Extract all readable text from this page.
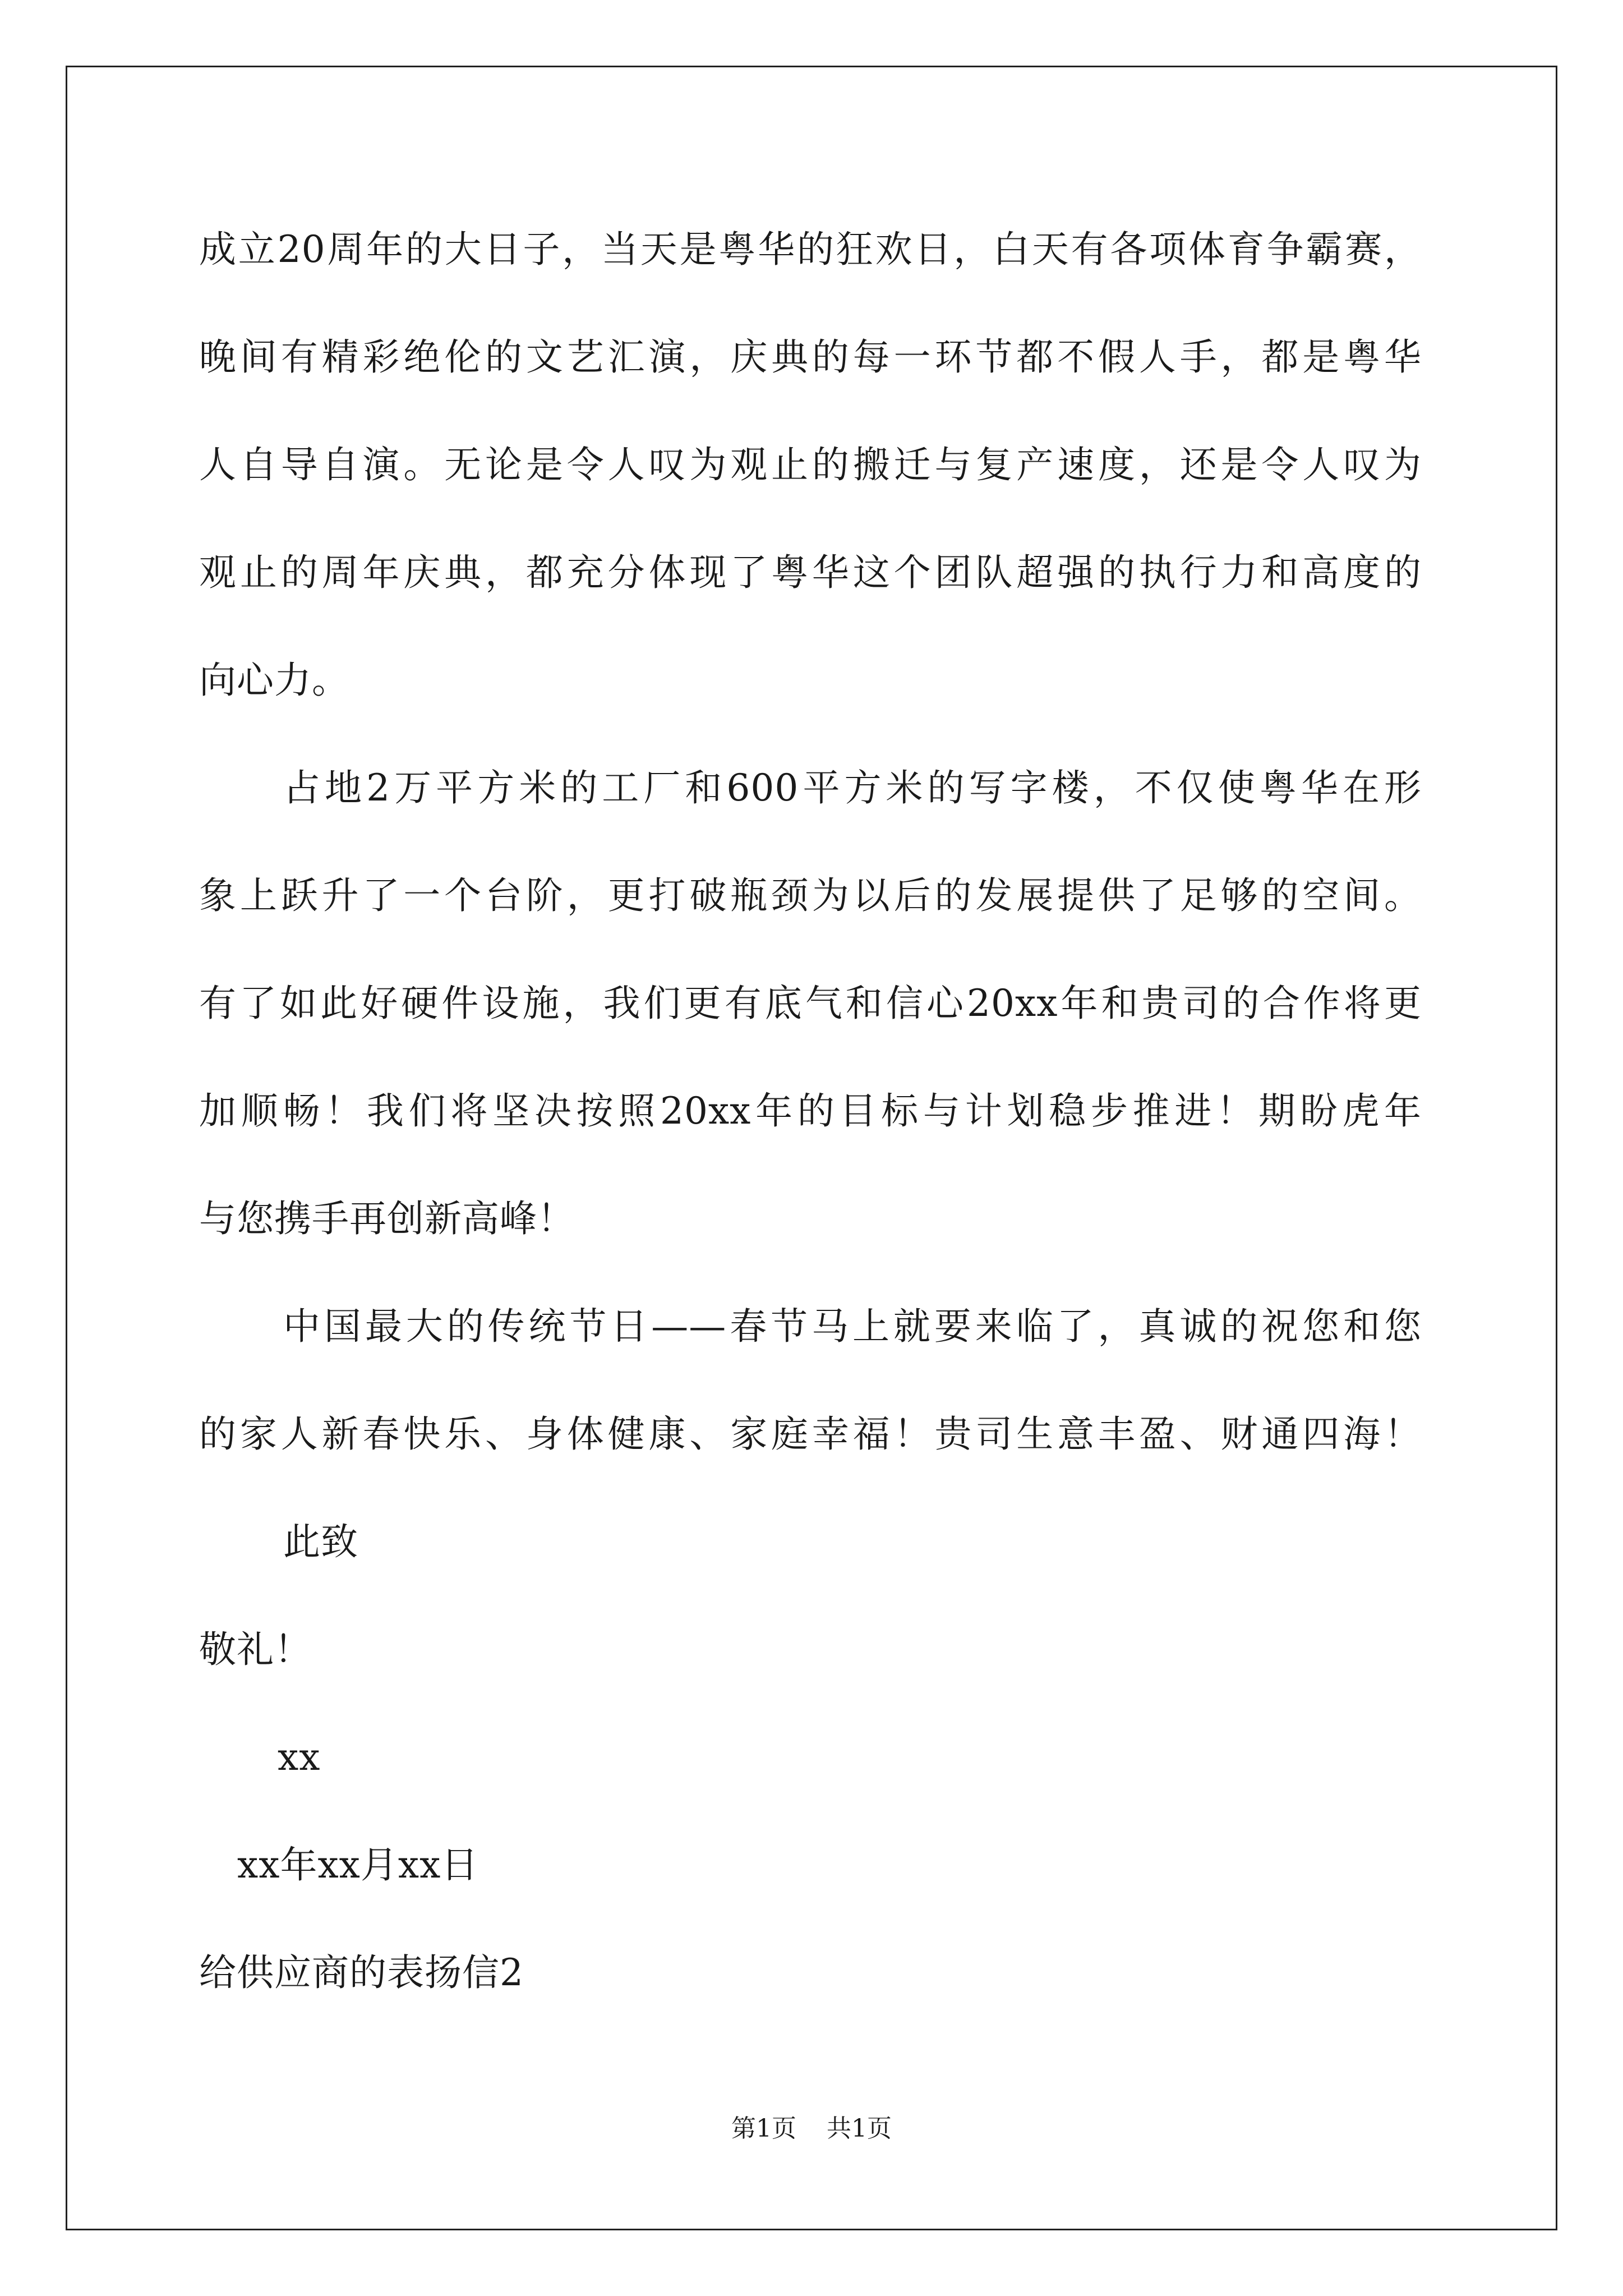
成立20周年的大日子，当天是粤华的狂欢日，白天有各项体育争霸赛，
晚间有精彩绝伦的文艺汇演，庆典的每一环节都不假人手，都是粤华
人自导自演。无论是令人叹为观止的搬迁与复产速度，还是令人叹为
观止的周年庆典，都充分体现了粤华这个团队超强的执行力和高度的
向心力。
占地2万平方米的工厂和600平方米的写字楼，不仅使粤华在形
象上跃升了一个台阶，更打破瓶颈为以后的发展提供了足够的空间。
有了如此好硬件设施，我们更有底气和信心20xx年和贵司的合作将更
加顺畅！我们将坚决按照20xx年的目标与计划稳步推进！期盼虎年
与您携手再创新高峰！
中国最大的传统节日——春节马上就要来临了，真诚的祝您和您
的家人新春快乐、身体健康、家庭幸福！贵司生意丰盈、财通四海！
此致
敬礼！
xx
xx年xx月xx日
给供应商的表扬信2
第1页 共1页
